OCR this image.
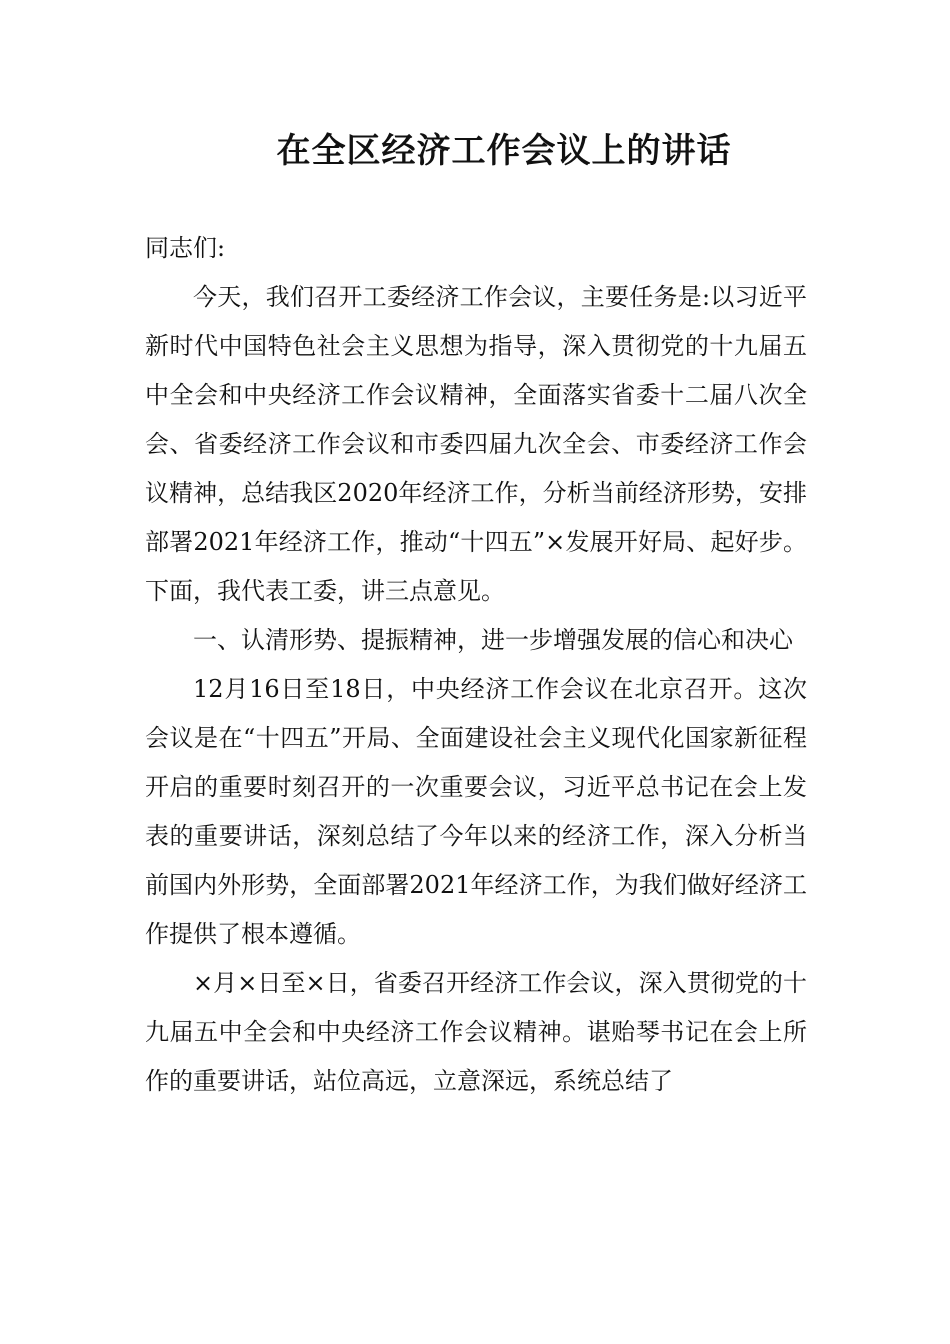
在全区经济工作会议上的讲话

同志们:

今天，我们召开工委经济工作会议，主要任务是:以习近平新时代中国特色社会主义思想为指导，深入贯彻党的十九届五中全会和中央经济工作会议精神，全面落实省委十二届八次全会、省委经济工作会议和市委四届九次全会、市委经济工作会议精神，总结我区2020年经济工作，分析当前经济形势，安排部署2021年经济工作，推动“十四五”×发展开好局、起好步。下面，我代表工委，讲三点意见。

一、认清形势、提振精神，进一步增强发展的信心和决心

12月16日至18日，中央经济工作会议在北京召开。这次会议是在“十四五”开局、全面建设社会主义现代化国家新征程开启的重要时刻召开的一次重要会议，习近平总书记在会上发表的重要讲话，深刻总结了今年以来的经济工作，深入分析当前国内外形势，全面部署2021年经济工作，为我们做好经济工作提供了根本遵循。

×月×日至×日，省委召开经济工作会议，深入贯彻党的十九届五中全会和中央经济工作会议精神。谌贻琴书记在会上所作的重要讲话，站位高远，立意深远，系统总结了
